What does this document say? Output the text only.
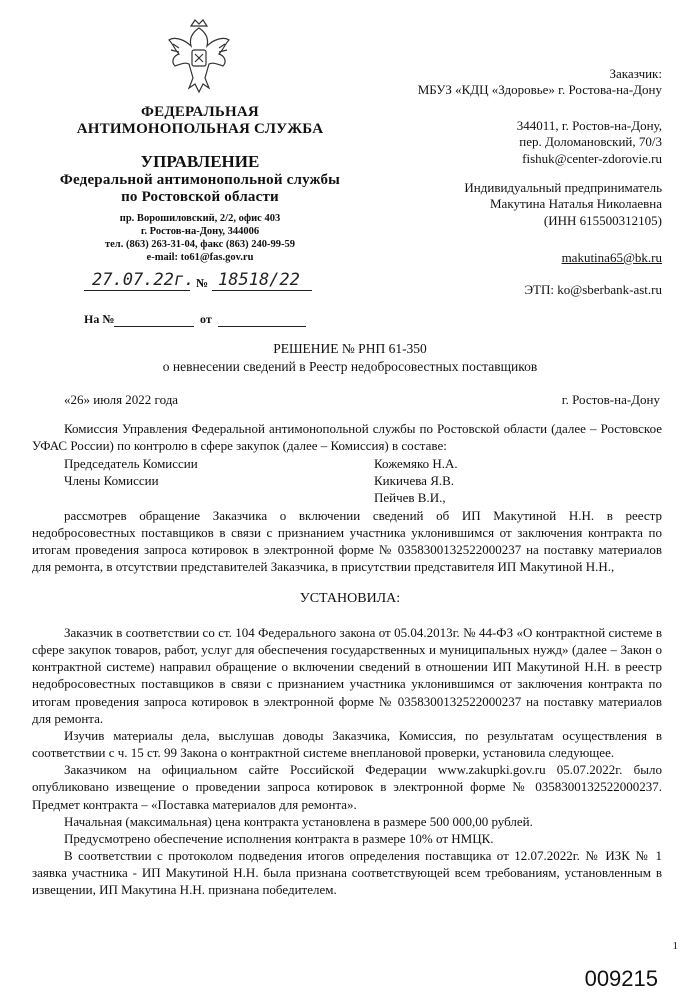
ФЕДЕРАЛЬНАЯ
АНТИМОНОПОЛЬНАЯ СЛУЖБА
УПРАВЛЕНИЕ
Федеральной антимонопольной службы
по Ростовской области
пр. Ворошиловский, 2/2, офис 403
г. Ростов-на-Дону, 344006
тел. (863) 263-31-04, факс (863) 240-99-59
e-mail: to61@fas.gov.ru
27.07.22г. № 18518/22
На №	от
Заказчик:
МБУЗ «КДЦ «Здоровье» г. Ростова-на-Дону
344011, г. Ростов-на-Дону,
пер. Доломановский, 70/3
fishuk@center-zdorovie.ru
Индивидуальный предприниматель
Макутина Наталья Николаевна
(ИНН 615500312105)
makutina65@bk.ru
ЭТП: ko@sberbank-ast.ru
РЕШЕНИЕ № РНП 61-350
о невнесении сведений в Реестр недобросовестных поставщиков
«26» июля 2022 года	г. Ростов-на-Дону

Комиссия Управления Федеральной антимонопольной службы по Ростовской области (далее – Ростовское УФАС России) по контролю в сфере закупок (далее – Комиссия) в составе:

Председатель Комиссии	Кожемяко Н.А.
Члены Комиссии	Кикичева Я.В.
Пейчев В.И.,

рассмотрев обращение Заказчика о включении сведений об ИП Макутиной Н.Н. в реестр недобросовестных поставщиков в связи с признанием участника уклонившимся от заключения контракта по итогам проведения запроса котировок в электронной форме № 0358300132522000237 на поставку материалов для ремонта, в отсутствии представителей Заказчика, в присутствии представителя ИП Макутиной Н.Н.,

УСТАНОВИЛА:

Заказчик в соответствии со ст. 104 Федерального закона от 05.04.2013г. № 44-ФЗ «О контрактной системе в сфере закупок товаров, работ, услуг для обеспечения государственных и муниципальных нужд» (далее – Закон о контрактной системе) направил обращение о включении сведений в отношении ИП Макутиной Н.Н. в реестр недобросовестных поставщиков в связи с признанием участника уклонившимся от заключения контракта по итогам проведения запроса котировок в электронной форме № 0358300132522000237 на поставку материалов для ремонта.

Изучив материалы дела, выслушав доводы Заказчика, Комиссия, по результатам осуществления в соответствии с ч. 15 ст. 99 Закона о контрактной системе внеплановой проверки, установила следующее.

Заказчиком на официальном сайте Российской Федерации www.zakupki.gov.ru 05.07.2022г. было опубликовано извещение о проведении запроса котировок в электронной форме № 0358300132522000237. Предмет контракта – «Поставка материалов для ремонта».

Начальная (максимальная) цена контракта установлена в размере 500 000,00 рублей.

Предусмотрено обеспечение исполнения контракта в размере 10% от НМЦК.

В соответствии с протоколом подведения итогов определения поставщика от 12.07.2022г. № ИЗК № 1 заявка участника - ИП Макутиной Н.Н. была признана соответствующей всем требованиям, установленным в извещении, ИП Макутина Н.Н. признана победителем.

1
009215
